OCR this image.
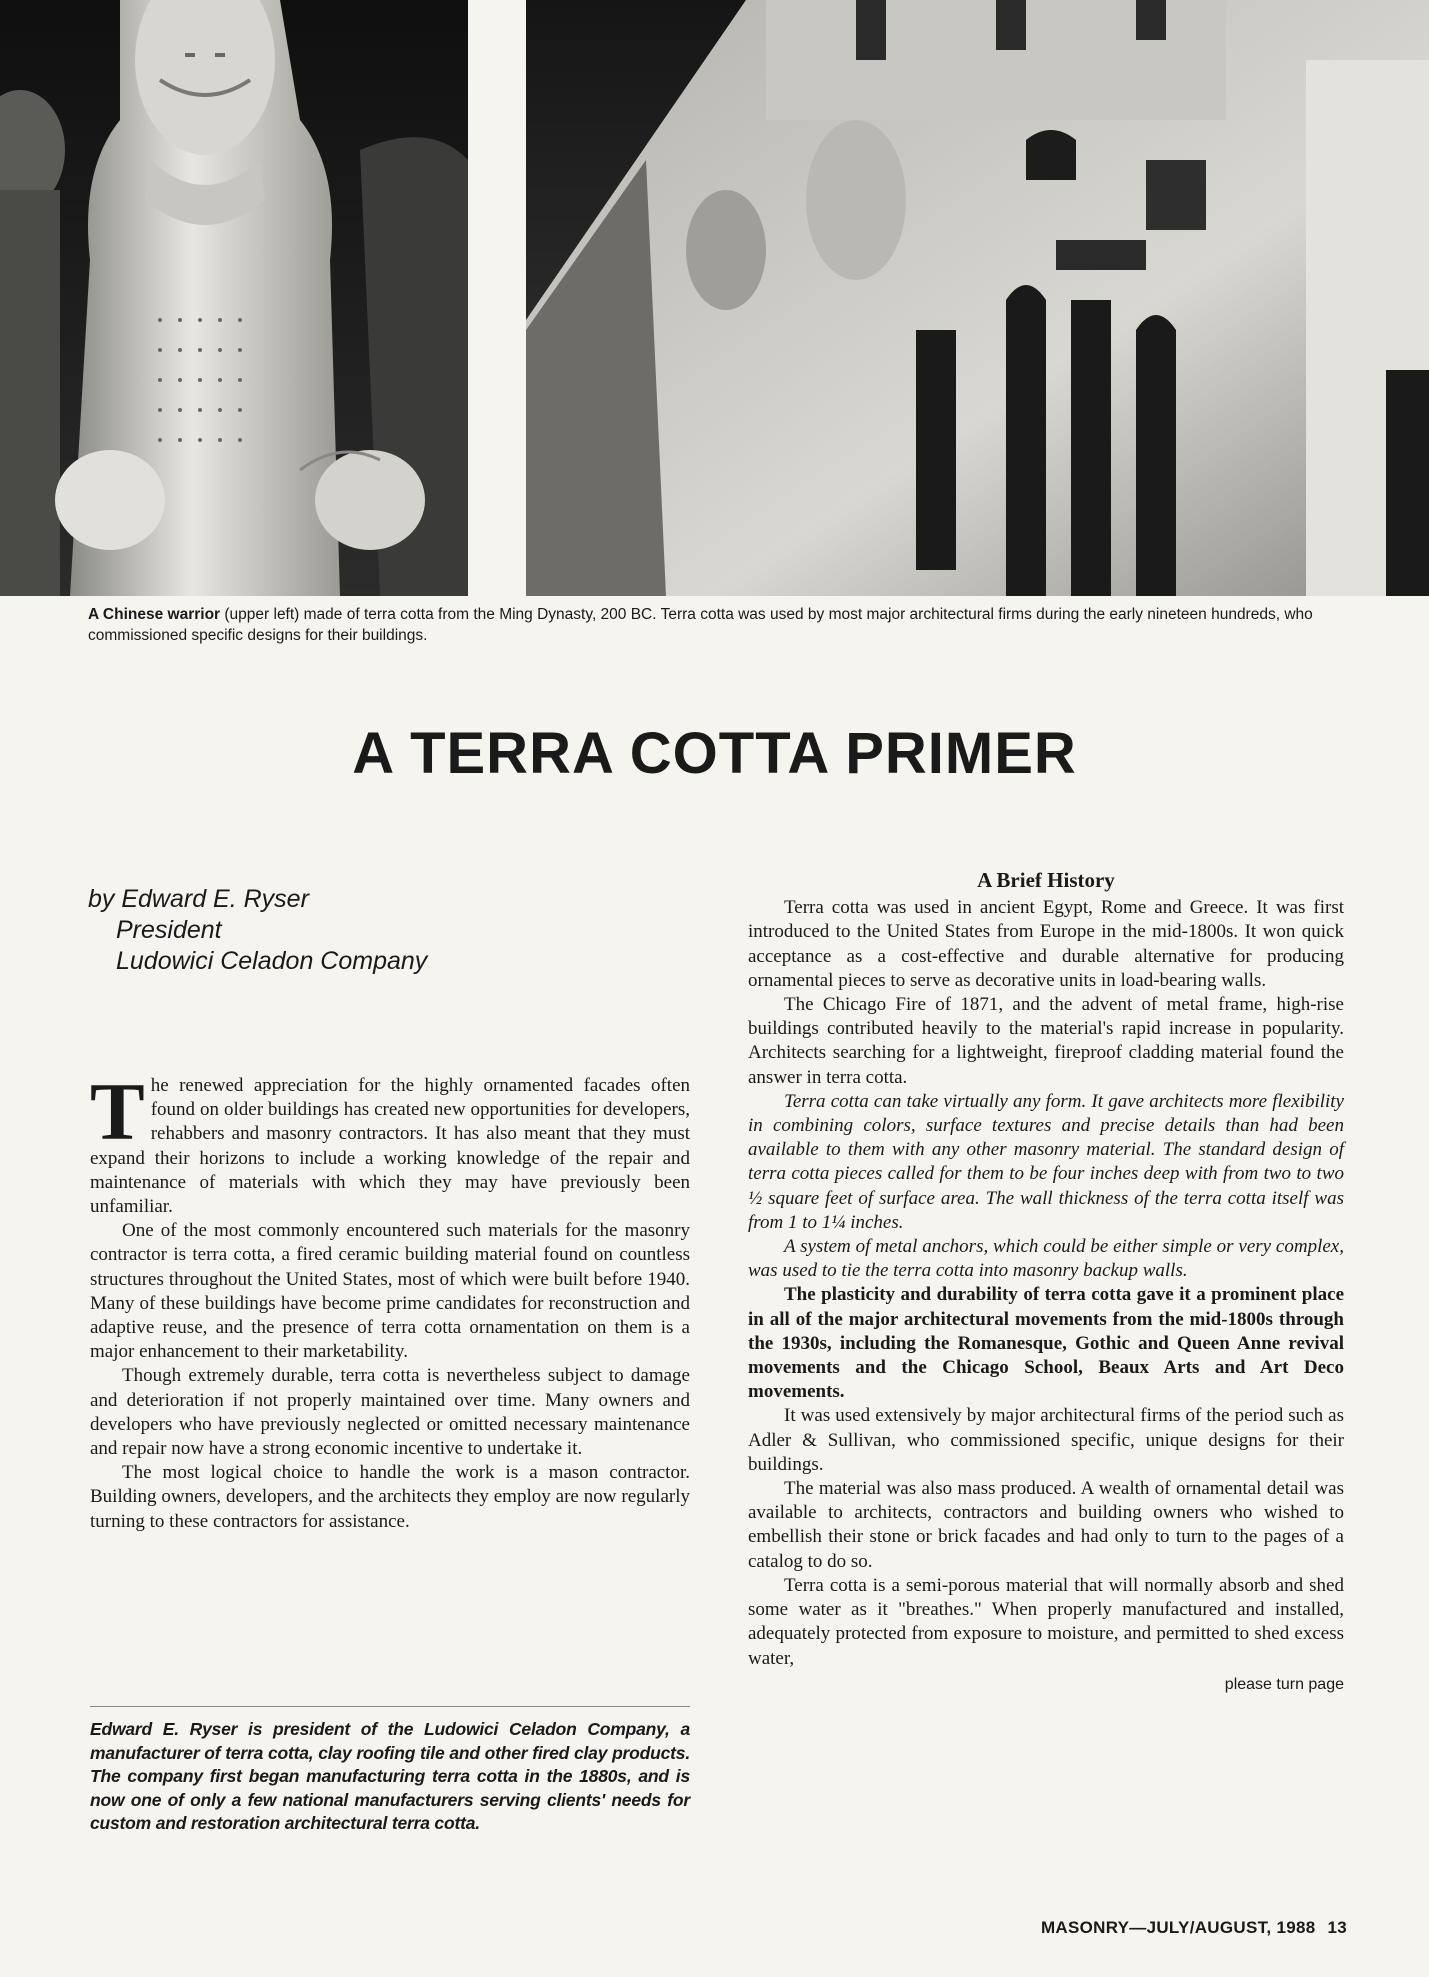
A Chinese warrior (upper left) made of terra cotta from the Ming Dynasty, 200 BC. Terra cotta was used by most major architectural firms during the early nineteen hundreds, who commissioned specific designs for their buildings.
A TERRA COTTA PRIMER
by Edward E. Ryser
President
Ludowici Celadon Company

The renewed appreciation for the highly ornamented facades often found on older buildings has created new opportunities for developers, rehabbers and masonry contractors. It has also meant that they must expand their horizons to include a working knowledge of the repair and maintenance of materials with which they may have previously been unfamiliar.

One of the most commonly encountered such materials for the masonry contractor is terra cotta, a fired ceramic building material found on countless structures throughout the United States, most of which were built before 1940. Many of these buildings have become prime candidates for reconstruction and adaptive reuse, and the presence of terra cotta ornamentation on them is a major enhancement to their marketability.

Though extremely durable, terra cotta is nevertheless subject to damage and deterioration if not properly maintained over time. Many owners and developers who have previously neglected or omitted necessary maintenance and repair now have a strong economic incentive to undertake it.

The most logical choice to handle the work is a mason contractor. Building owners, developers, and the architects they employ are now regularly turning to these contractors for assistance.

Edward E. Ryser is president of the Ludowici Celadon Company, a manufacturer of terra cotta, clay roofing tile and other fired clay products. The company first began manufacturing terra cotta in the 1880s, and is now one of only a few national manufacturers serving clients' needs for custom and restoration architectural terra cotta.
A Brief History

Terra cotta was used in ancient Egypt, Rome and Greece. It was first introduced to the United States from Europe in the mid-1800s. It won quick acceptance as a cost-effective and durable alternative for producing ornamental pieces to serve as decorative units in load-bearing walls.

The Chicago Fire of 1871, and the advent of metal frame, high-rise buildings contributed heavily to the material's rapid increase in popularity. Architects searching for a lightweight, fireproof cladding material found the answer in terra cotta.

Terra cotta can take virtually any form. It gave architects more flexibility in combining colors, surface textures and precise details than had been available to them with any other masonry material. The standard design of terra cotta pieces called for them to be four inches deep with from two to two ½ square feet of surface area. The wall thickness of the terra cotta itself was from 1 to 1¼ inches.

A system of metal anchors, which could be either simple or very complex, was used to tie the terra cotta into masonry backup walls.

The plasticity and durability of terra cotta gave it a prominent place in all of the major architectural movements from the mid-1800s through the 1930s, including the Romanesque, Gothic and Queen Anne revival movements and the Chicago School, Beaux Arts and Art Deco movements.

It was used extensively by major architectural firms of the period such as Adler & Sullivan, who commissioned specific, unique designs for their buildings.

The material was also mass produced. A wealth of ornamental detail was available to architects, contractors and building owners who wished to embellish their stone or brick facades and had only to turn to the pages of a catalog to do so.

Terra cotta is a semi-porous material that will normally absorb and shed some water as it "breathes." When properly manufactured and installed, adequately protected from exposure to moisture, and permitted to shed excess water,

please turn page
MASONRY—JULY/AUGUST, 1988 13
